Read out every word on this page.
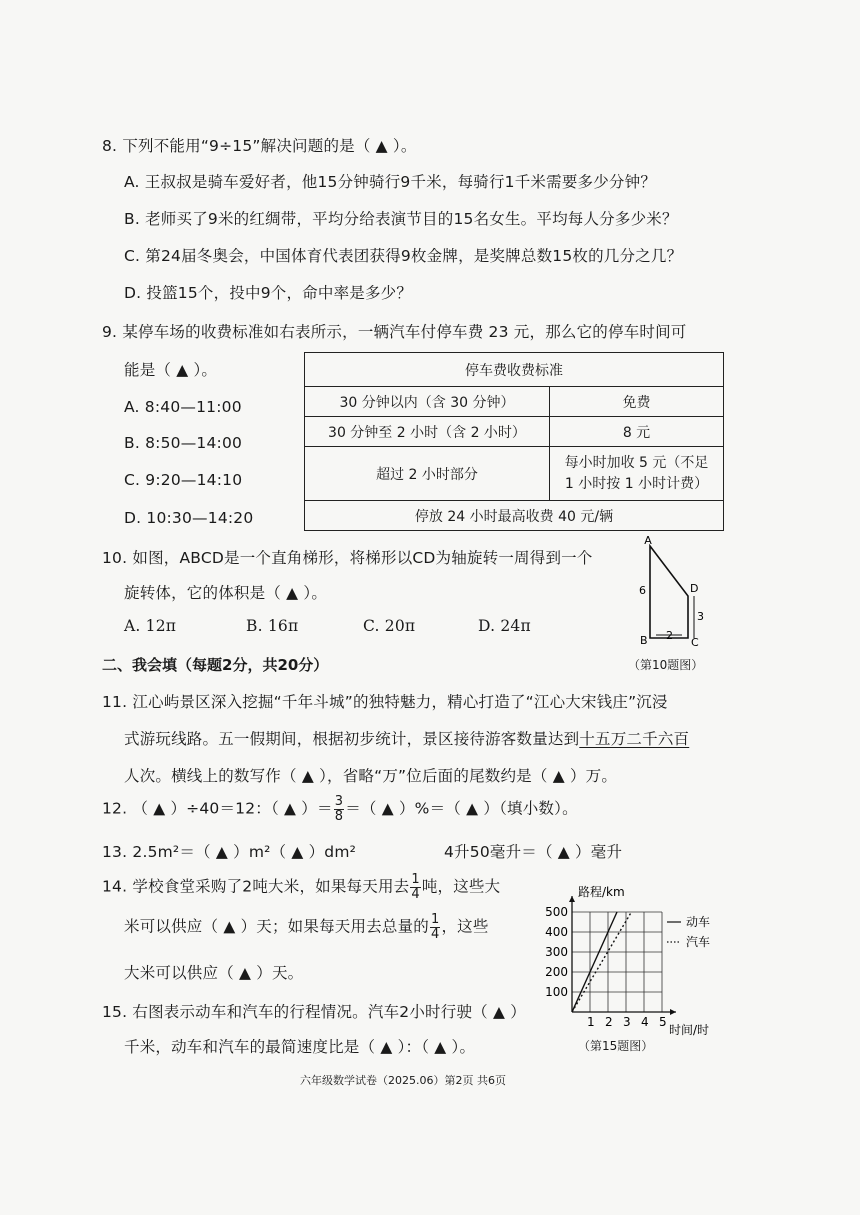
8. 下列不能用“9÷15”解决问题的是（ ▲ ）。
A. 王叔叔是骑车爱好者，他15分钟骑行9千米，每骑行1千米需要多少分钟？
B. 老师买了9米的红绸带，平均分给表演节目的15名女生。平均每人分多少米？
C. 第24届冬奥会，中国体育代表团获得9枚金牌，是奖牌总数15枚的几分之几？
D. 投篮15个，投中9个，命中率是多少？
9. 某停车场的收费标准如右表所示，一辆汽车付停车费 23 元，那么它的停车时间可
能是（ ▲ ）。
A. 8:40—11:00
B. 8:50—14:00
C. 9:20—14:10
D. 10:30—14:20
停车费收费标准	
30 分钟以内（含 30 分钟）	免费
30 分钟至 2 小时（含 2 小时）	8 元
超过 2 小时部分	每小时加收 5 元（不足
1 小时按 1 小时计费）
停放 24 小时最高收费 40 元/辆	
10. 如图，ABCD是一个直角梯形，将梯形以CD为轴旋转一周得到一个
旋转体，它的体积是（ ▲ ）。
A. 12π	B. 16π	C. 20π	D. 24π
A
D
B	C
6
3
2
（第10题图）
二、我会填（每题2分，共20分）
11. 江心屿景区深入挖掘“千年斗城”的独特魅力，精心打造了“江心大宋钱庄”沉浸
式游玩线路。五一假期间，根据初步统计，景区接待游客数量达到十五万二千六百
人次。横线上的数写作（ ▲ ），省略“万”位后面的尾数约是（ ▲ ）万。
12. （ ▲ ）÷40＝12：（ ▲ ）＝ $\frac{3}{8}$ ＝（ ▲ ）%＝（ ▲ ）（填小数）。
13. 2.5m²＝（ ▲ ）m²（ ▲ ）dm²	4升50毫升＝（ ▲ ）毫升
14. 学校食堂采购了2吨大米，如果每天用去 $\frac{1}{4}$ 吨，这些大
米可以供应（ ▲ ）天；如果每天用去总量的 $\frac{1}{4}$ ，这些
大米可以供应（ ▲ ）天。
15. 右图表示动车和汽车的行程情况。汽车2小时行驶（ ▲ ）
千米，动车和汽车的最简速度比是（ ▲ ）：（ ▲ ）。
路程/km
时间/时
动车
汽车
1 2 3 4 5
100
200
300
400
500
（第15题图）
六年级数学试卷（2025.06）第2页 共6页
